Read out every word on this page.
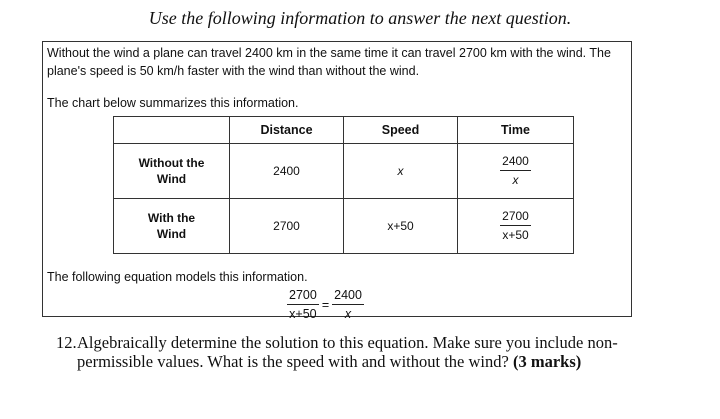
Use the following information to answer the next question.
Without the wind a plane can travel 2400 km in the same time it can travel 2700 km with the wind. The plane's speed is 50 km/h faster with the wind than without the wind.
The chart below summarizes this information.
	Distance	Speed	Time
Without the
Wind	2400	x	$\frac{2400}{x}$

With the
Wind	2700	x+50	$\frac{2700}{x+50}$
The following equation models this information.
$\frac{2700}{x+50} = \frac{2400}{x}$
12. Algebraically determine the solution to this equation. Make sure you include non-permissible values. What is the speed with and without the wind? (3 marks)
